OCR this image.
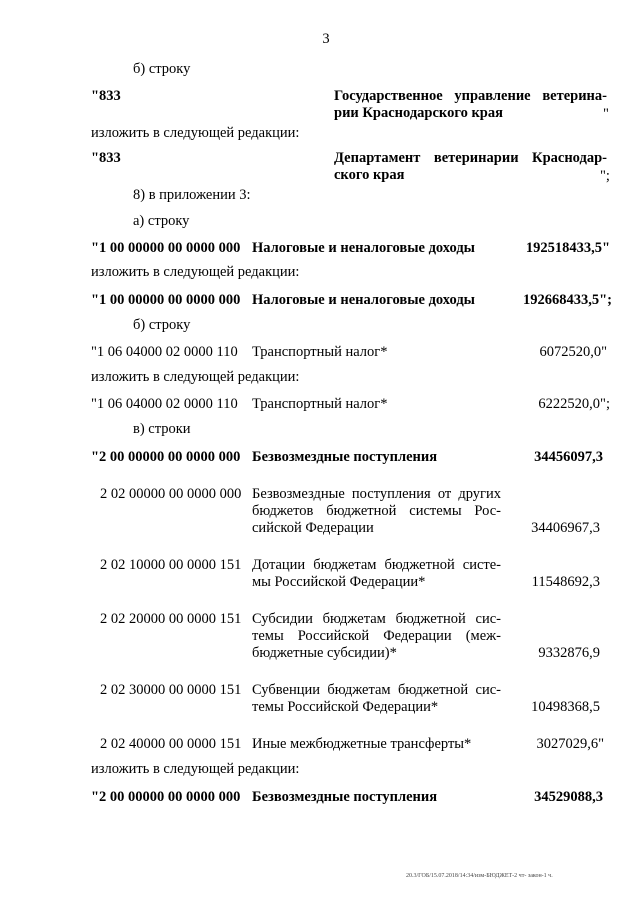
3
б) строку
"833	Государственное управление ветерина-
рии Краснодарского края	"
изложить в следующей редакции:
"833	Департамент ветеринарии Краснодар-
ского края	";
8) в приложении 3:
а) строку
"1 00 00000 00 0000 000 Налоговые и неналоговые доходы	192518433,5"
изложить в следующей редакции:
"1 00 00000 00 0000 000 Налоговые и неналоговые доходы	192668433,5";
б) строку
"1 06 04000 02 0000 110 Транспортный налог*	6072520,0"
изложить в следующей редакции:
"1 06 04000 02 0000 110 Транспортный налог*	6222520,0";
в) строки
"2 00 00000 00 0000 000 Безвозмездные поступления	34456097,3
2 02 00000 00 0000 000 Безвозмездные поступления от других
бюджетов бюджетной системы Рос-
сийской Федерации	34406967,3
2 02 10000 00 0000 151 Дотации бюджетам бюджетной систе-
мы Российской Федерации*	11548692,3
2 02 20000 00 0000 151 Субсидии бюджетам бюджетной сис-
темы Российской Федерации (меж-
бюджетные субсидии)*	9332876,9
2 02 30000 00 0000 151 Субвенции бюджетам бюджетной сис-
темы Российской Федерации*	10498368,5
2 02 40000 00 0000 151 Иные межбюджетные трансферты*	3027029,6"
изложить в следующей редакции:
"2 00 00000 00 0000 000 Безвозмездные поступления	34529088,3
20.3/ГОБ/15.07.2018/14:34/изм-БЮДЖЕТ-2 чт- закон-1 ч.
